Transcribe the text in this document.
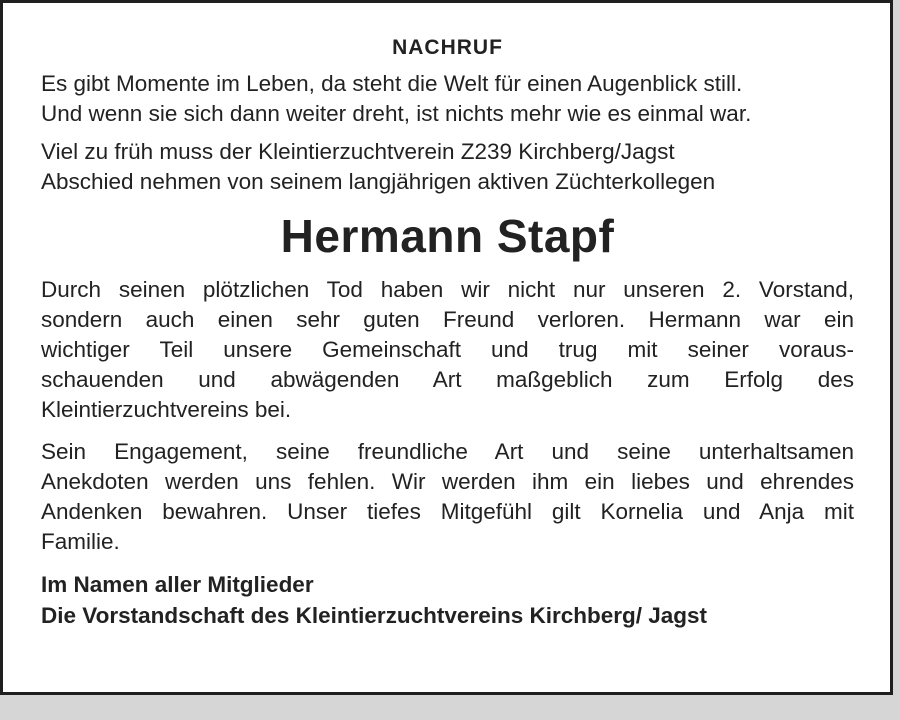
NACHRUF
Es gibt Momente im Leben, da steht die Welt für einen Augenblick still.
Und wenn sie sich dann weiter dreht, ist nichts mehr wie es einmal war.
Viel zu früh muss der Kleintierzuchtverein Z239 Kirchberg/Jagst
Abschied nehmen von seinem langjährigen aktiven Züchterkollegen
Hermann Stapf
Durch seinen plötzlichen Tod haben wir nicht nur unseren 2. Vorstand,
sondern auch einen sehr guten Freund verloren. Hermann war ein
wichtiger Teil unsere Gemeinschaft und trug mit seiner voraus-
schauenden und abwägenden Art maßgeblich zum Erfolg des
Kleintierzuchtvereins bei.
Sein Engagement, seine freundliche Art und seine unterhaltsamen
Anekdoten werden uns fehlen. Wir werden ihm ein liebes und ehrendes
Andenken bewahren. Unser tiefes Mitgefühl gilt Kornelia und Anja mit
Familie.
Im Namen aller Mitglieder
Die Vorstandschaft des Kleintierzuchtvereins Kirchberg/ Jagst
